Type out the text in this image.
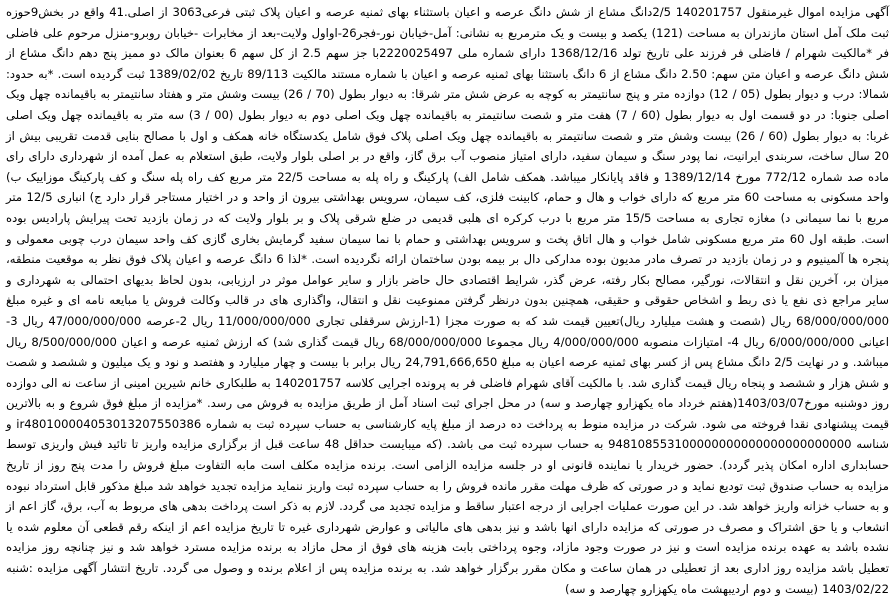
آگهی مزایده اموال غیرمنقول 140201757 2/5دانگ مشاع از شش دانگ عرصه و اعیان باستثناء بهای ثمنیه عرصه و اعیان پلاک ثبتی فرعی3063 از اصلی.41 واقع در بخش9حوزه ثبت ملک آمل استان مازندران به مساحت (121) یکصد و بیست و یک مترمربع به نشانی: آمل-خیابان نور-فجر26-اواول ولایت-بعد از مخابرات -خیابان روبرو-منزل مرحوم علی فاضلی فر *مالکیت شهرام / فاضلی فر فرزند علی تاریخ تولد 1368/12/16 دارای شماره ملی 2220025497با جز سهم 2.5 از کل سهم 6 بعنوان مالک دو ممیز پنج دهم دانگ مشاع از شش دانگ عرصه و اعیان متن سهم: 2.50 دانگ مشاع از 6 دانگ باستثنا بهای ثمنیه عرصه و اعیان با شماره مستند مالکیت 89/113 تاریخ 1389/02/02 ثبت گردیده است. *به حدود: شمالا: درب و دیوار بطول (05 / 12) دوازده متر و پنج سانتیمتر به کوچه به عرض شش متر شرقا: به دیوار بطول (70 / 26) بیست وشش متر و هفتاد سانتیمتر به باقیمانده چهل ویک اصلی جنوبا: در دو قسمت اول به دیوار بطول (60 / 7) هفت متر و شصت سانتیمتر به باقیمانده چهل ویک اصلی دوم به دیوار بطول (00 / 3) سه متر به باقیمانده چهل ویک اصلی غربا: به دیوار بطول (60 / 26) بیست وشش متر و شصت سانتیمتر به باقیمانده چهل ویک اصلی پلاک فوق شامل یکدستگاه خانه همکف و اول با مصالح بنایی قدمت تقریبی بیش از 20 سال ساخت، سربندی ایرانیت، نما پودر سنگ و سیمان سفید، دارای امتیاز منصوب آب برق گاز، واقع در بر اصلی بلوار ولایت، طبق استعلام به عمل آمده از شهرداری دارای رای ماده صد شماره 772/12 مورخ 1389/12/14 و فاقد پایانکار میباشد. همکف شامل الف) پارکینگ و راه پله به مساحت 22/5 متر مربع کف راه پله سنگ و کف پارکینگ موزاییک ب) واحد مسکونی به مساحت 60 متر مربع که دارای خواب و هال و حمام، کابینت فلزی، کف سیمان، سرویس بهداشتی بیرون از واحد و در اختیار مستاجر قرار دارد ج) انباری 12/5 متر مربع با نما سیمانی د) مغازه تجاری به مساحت 15/5 متر مربع با درب کرکره ای هلبی قدیمی در ضلع شرقی پلاک و بر بلوار ولایت که در زمان بازدید تحت پیرایش پارادیس بوده است. طبقه اول 60 متر مربع مسکونی شامل خواب و هال اتاق پخت و سرویس بهداشتی و حمام با نما سیمان سفید گرمایش بخاری گازی کف واحد سیمان درب چوبی معمولی و پنجره ها آلمینیوم و در زمان بازدید در تصرف مادر مدیون بوده مدارکی دال بر بیمه بودن ساختمان ارائه نگردیده است. *لذا 6 دانگ عرصه و اعیان پلاک فوق نظر به موقعیت منطقه، میزان بر، آخرین نقل و انتقالات، نورگیر، مصالح بکار رفته، عرض گذر، شرایط اقتصادی حال حاضر بازار و سایر عوامل موثر در ارزیابی، بدون لحاظ بدیهای احتمالی به شهرداری و سایر مراجع ذی نفع یا ذی ربط و اشخاص حقوقی و حقیقی، همچنین بدون درنظر گرفتن ممنوعیت نقل و انتقال، واگذاری های در قالب وکالت فروش یا مبایعه نامه ای و غیره مبلغ 68/000/000/000 ریال (شصت و هشت میلیارد ریال)تعیین قیمت شد که به صورت مجزا (1-ارزش سرقفلی تجاری 11/000/000/000 ریال 2-عرصه 47/000/000/000 ریال 3-اعیانی 6/000/000/000 ریال 4- امتیازات منصوبه 4/000/000/000 ریال مجموعا 68/000/000/000 ریال قیمت گذاری شد) که ارزش ثمنیه عرصه و اعیان 8/500/000/000 ریال میباشد. و در نهایت 2/5 دانگ مشاع پس از کسر بهای ثمنیه عرصه اعیان به مبلغ 24,791,666,650 ریال برابر با بیست و چهار میلیارد و هفتصد و نود و یک میلیون و ششصد و شصت و شش هزار و ششصد و پنجاه ریال قیمت گذاری شد. با مالکیت آقای شهرام فاضلی فر به پرونده اجرایی کلاسه 140201757 به طلبکاری خانم شیرین امینی از ساعت نه الی دوازده روز دوشنبه مورخ1403/03/07(هفتم خرداد ماه یکهزارو چهارصد و سه) در محل اجرای ثبت اسناد آمل از طریق مزایده به فروش می رسد. *مزایده از مبلغ فوق شروع و به بالاترین قیمت پیشنهادی نقدا فروخته می شود. شرکت در مزایده منوط به پرداخت ده درصد از مبلغ پایه کارشناسی به حساب سپرده ثبت به شماره ir480100004053013207550386 و شناسه 948108553100000000000000000000000 به حساب سپرده ثبت می باشد. (که میبایست حداقل 48 ساعت قبل از برگزاری مزایده واریز تا تائید فیش واریزی توسط حسابداری اداره امکان پذیر گردد). حضور خریدار یا نماینده قانونی او در جلسه مزایده الزامی است. برنده مزایده مکلف است مابه التفاوت مبلغ فروش را مدت پنج روز از تاریخ مزایده به حساب صندوق ثبت تودیع نماید و در صورتی که ظرف مهلت مقرر مانده فروش را به حساب سپرده ثبت واریز ننماید مزایده تجدید خواهد شد مبلغ مذکور قابل استرداد نبوده و به حساب خزانه واریز خواهد شد. در این صورت عملیات اجرایی از درجه اعتبار ساقط و مزایده تجدید می گردد. لازم به ذکر است پرداخت بدهی های مربوط به آب، برق، گاز اعم از انشعاب و یا حق اشتراک و مصرف در صورتی که مزایده دارای انها باشد و نیز بدهی های مالیاتی و عوارض شهرداری غیره تا تاریخ مزایده اعم از اینکه رقم قطعی آن معلوم شده یا نشده باشد به عهده برنده مزایده است و نیز در صورت وجود مازاد، وجوه پرداختی بابت هزینه های فوق از محل مازاد به برنده مزایده مسترد خواهد شد و نیز چنانچه روز مزایده تعطیل باشد مزایده روز اداری بعد از تعطیلی در همان ساعت و مکان مقرر برگزار خواهد شد. به برنده مزایده پس از اعلام برنده و وصول می گردد. تاریخ انتشار آگهی مزایده :شنبه 1403/02/22 (بیست و دوم اردیبهشت ماه یکهزارو چهارصد و سه)
